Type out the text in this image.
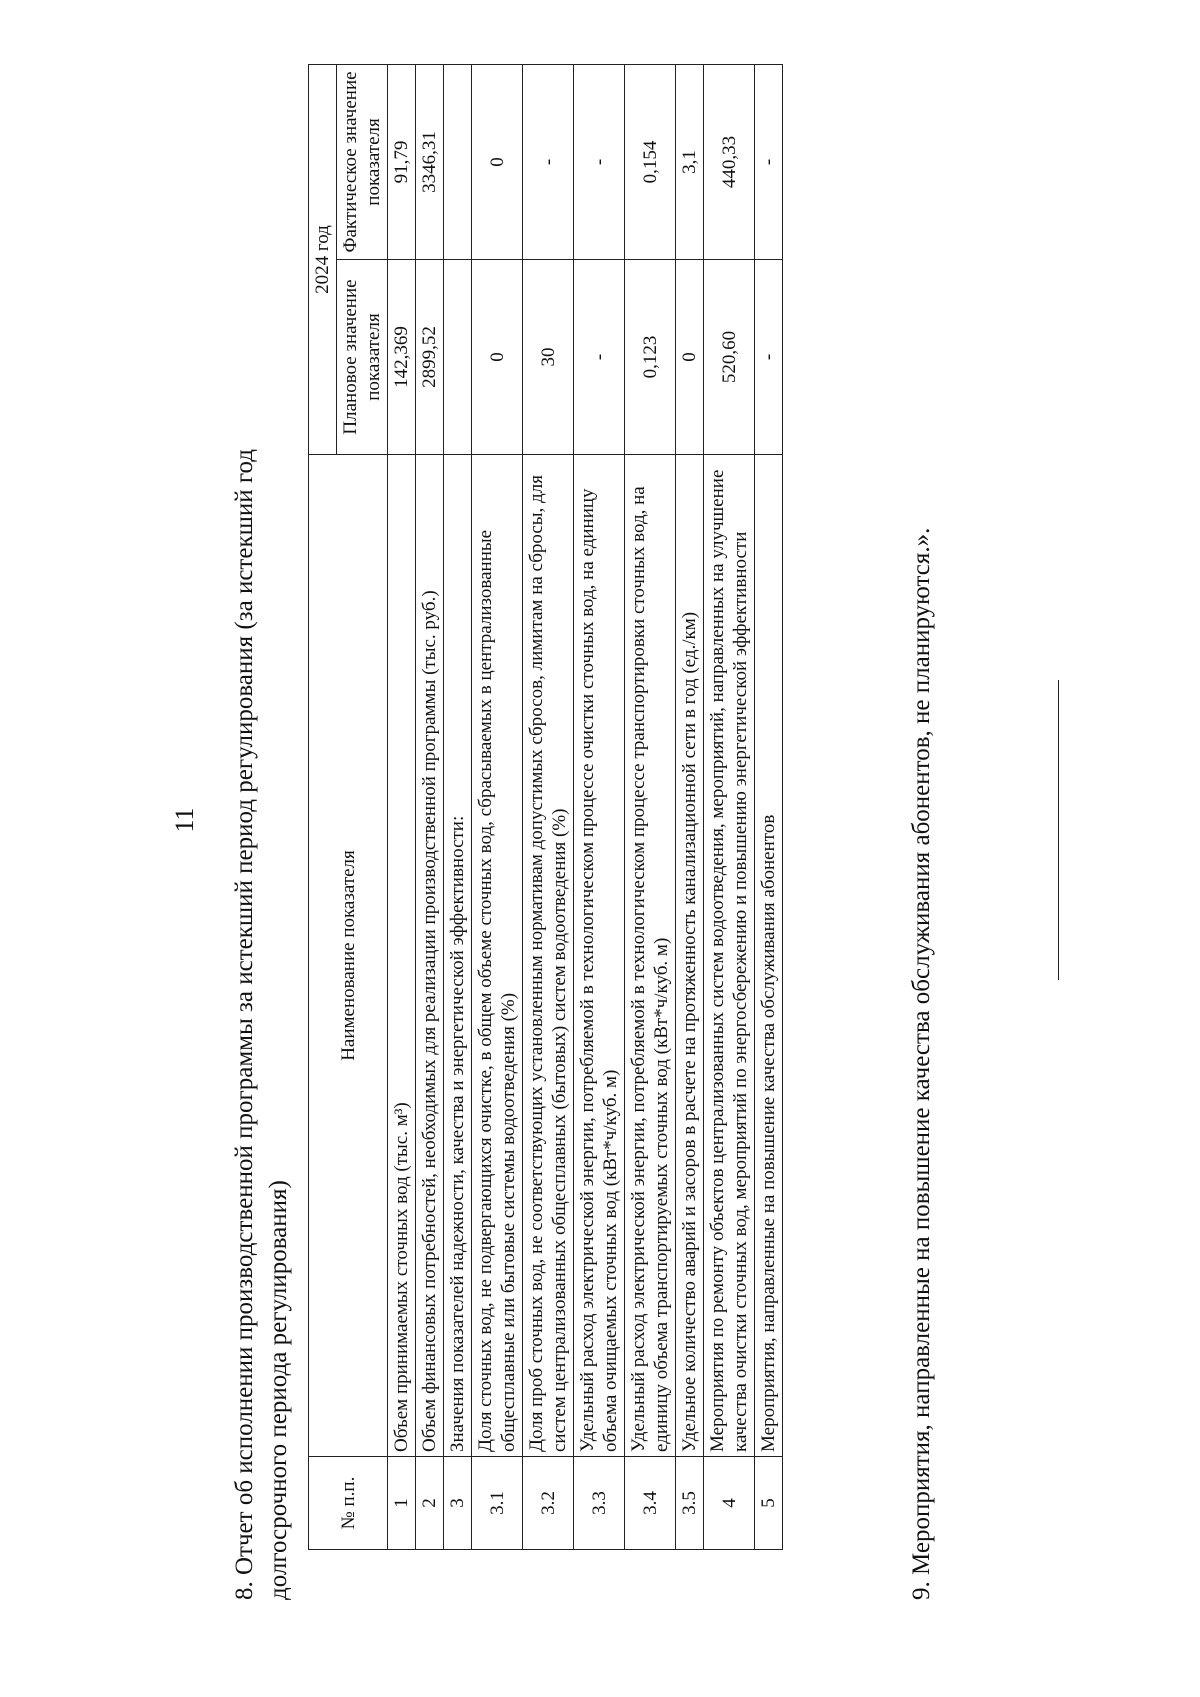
11 8. Отчет об исполнении производственной программы за истекший период регулирования (за истекший год долгосрочного периода регулирования) № п.п.	Наименование показателя	2024 год	
		Плановое значение показателя	Фактическое значение показателя
1	Объем принимаемых сточных вод (тыс. м³)	142,369	91,79
2	Объем финансовых потребностей, необходимых для реализации производственной программы (тыс. руб.)	2899,52	3346,31
3	Значения показателей надежности, качества и энергетической эффективности:		
3.1	Доля сточных вод, не подвергающихся очистке, в общем объеме сточных вод, сбрасываемых в централизованные общесплавные или бытовые системы водоотведения (%)	0	0
3.2	Доля проб сточных вод, не соответствующих установленным нормативам допустимых сбросов, лимитам на сбросы, для систем централизованных общесплавных (бытовых) систем водоотведения (%)	30	-
3.3	Удельный расход электрической энергии, потребляемой в технологическом процессе очистки сточных вод, на единицу объема очищаемых сточных вод (кВт*ч/куб. м)	-	-
3.4	Удельный расход электрической энергии, потребляемой в технологическом процессе транспортировки сточных вод, на единицу объема транспортируемых сточных вод (кВт*ч/куб. м)	0,123	0,154
3.5	Удельное количество аварий и засоров в расчете на протяженность канализационной сети в год (ед./км)	0	3,1
4	Мероприятия по ремонту объектов централизованных систем водоотведения, мероприятий, направленных на улучшение качества очистки сточных вод, мероприятий по энергосбережению и повышению энергетической эффективности	520,60	440,33
5	Мероприятия, направленные на повышение качества обслуживания абонентов	-	-
9. Мероприятия, направленные на повышение качества обслуживания абонентов, не планируются.».
